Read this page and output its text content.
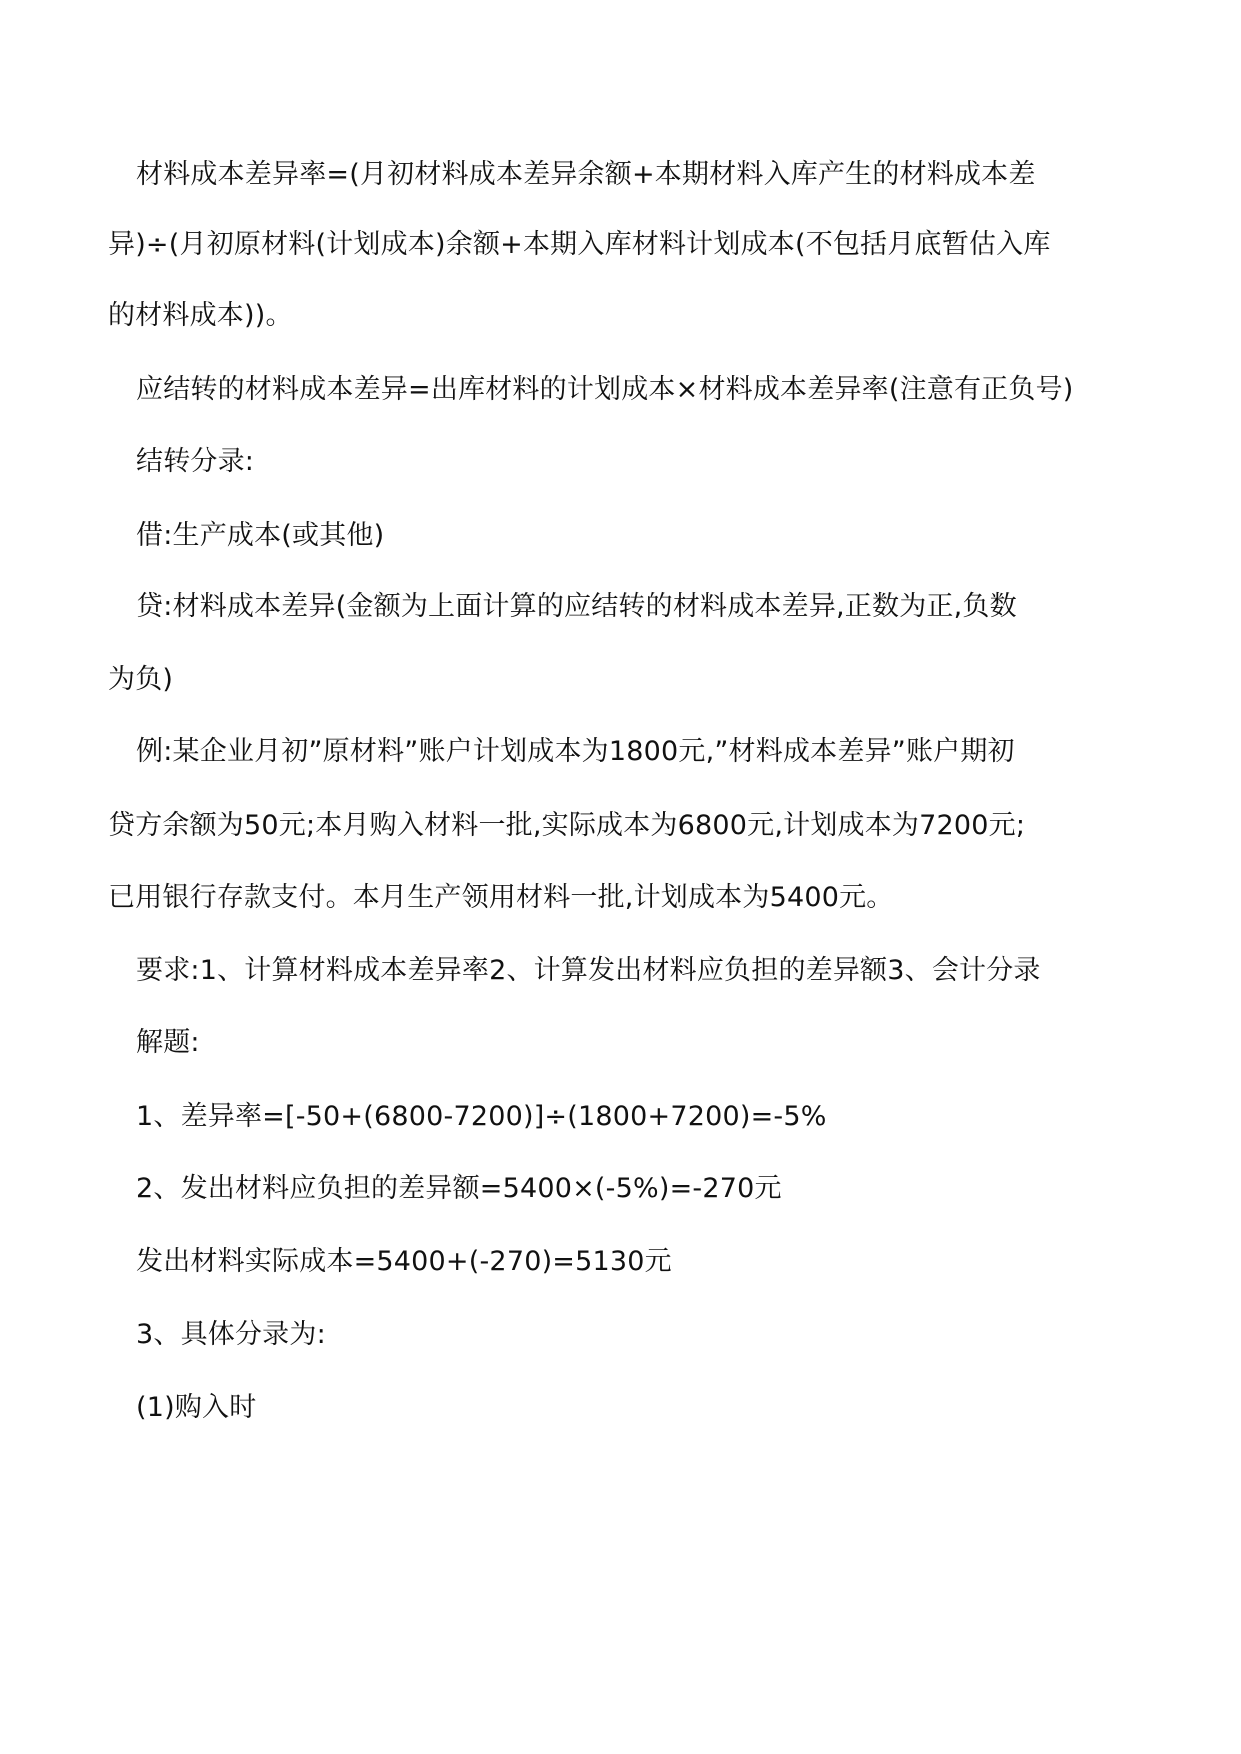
材料成本差异率=(月初材料成本差异余额+本期材料入库产生的材料成本差
异)÷(月初原材料(计划成本)余额+本期入库材料计划成本(不包括月底暂估入库
的材料成本))。
应结转的材料成本差异=出库材料的计划成本×材料成本差异率(注意有正负号)
结转分录:
借:生产成本(或其他)
贷:材料成本差异(金额为上面计算的应结转的材料成本差异,正数为正,负数
为负)
例:某企业月初”原材料”账户计划成本为1800元,”材料成本差异”账户期初
贷方余额为50元;本月购入材料一批,实际成本为6800元,计划成本为7200元;
已用银行存款支付。本月生产领用材料一批,计划成本为5400元。
要求:1、计算材料成本差异率2、计算发出材料应负担的差异额3、会计分录
解题:
1、差异率=[-50+(6800-7200)]÷(1800+7200)=-5%
2、发出材料应负担的差异额=5400×(-5%)=-270元
发出材料实际成本=5400+(-270)=5130元
3、具体分录为:
(1)购入时
